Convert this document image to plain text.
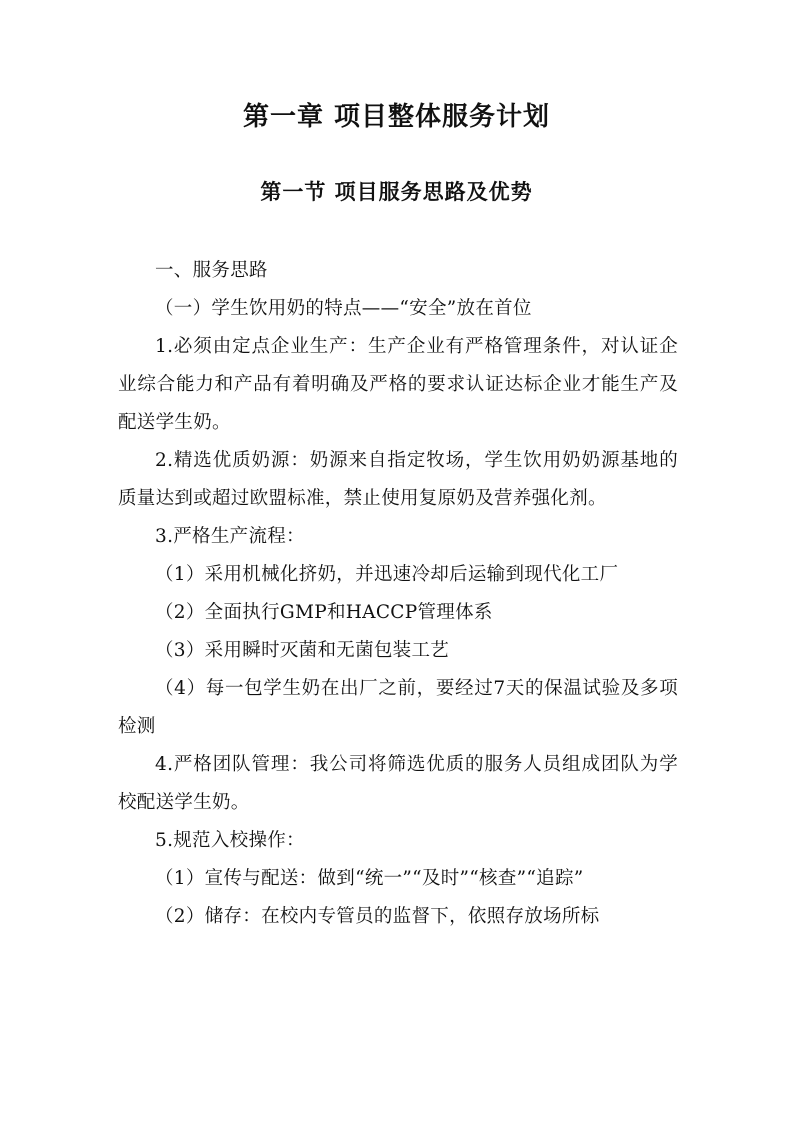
第一章 项目整体服务计划
第一节 项目服务思路及优势

一、服务思路

（一）学生饮用奶的特点——“安全”放在首位

1.必须由定点企业生产：生产企业有严格管理条件，对认证企业综合能力和产品有着明确及严格的要求认证达标企业才能生产及配送学生奶。

2.精选优质奶源：奶源来自指定牧场，学生饮用奶奶源基地的质量达到或超过欧盟标准，禁止使用复原奶及营养强化剂。

3.严格生产流程：

（1）采用机械化挤奶，并迅速冷却后运输到现代化工厂

（2）全面执行GMP和HACCP管理体系

（3）采用瞬时灭菌和无菌包装工艺

（4）每一包学生奶在出厂之前，要经过7天的保温试验及多项检测

4.严格团队管理：我公司将筛选优质的服务人员组成团队为学校配送学生奶。

5.规范入校操作：

（1）宣传与配送：做到“统一”“及时”“核查”“追踪”

（2）储存：在校内专管员的监督下，依照存放场所标
